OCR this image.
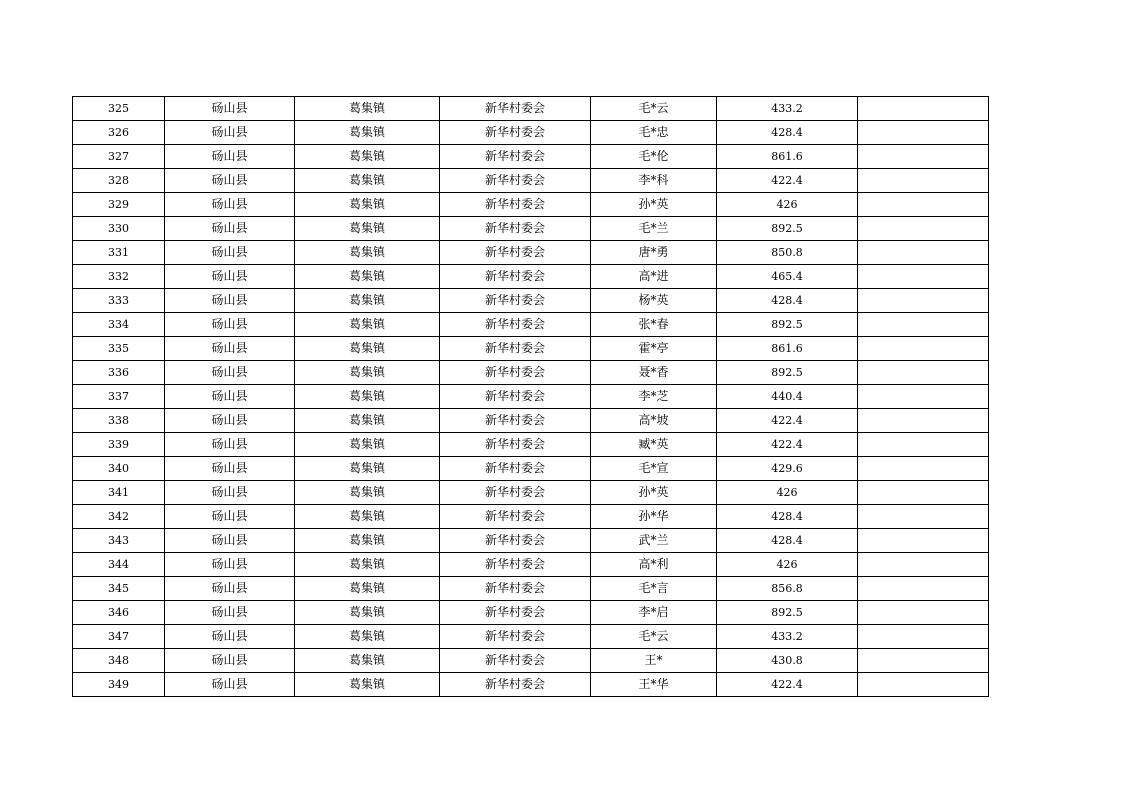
325	砀山县	葛集镇	新华村委会	毛*云	433.2	
326	砀山县	葛集镇	新华村委会	毛*忠	428.4	
327	砀山县	葛集镇	新华村委会	毛*伦	861.6	
328	砀山县	葛集镇	新华村委会	李*科	422.4	
329	砀山县	葛集镇	新华村委会	孙*英	426	
330	砀山县	葛集镇	新华村委会	毛*兰	892.5	
331	砀山县	葛集镇	新华村委会	唐*勇	850.8	
332	砀山县	葛集镇	新华村委会	高*进	465.4	
333	砀山县	葛集镇	新华村委会	杨*英	428.4	
334	砀山县	葛集镇	新华村委会	张*春	892.5	
335	砀山县	葛集镇	新华村委会	霍*亭	861.6	
336	砀山县	葛集镇	新华村委会	聂*香	892.5	
337	砀山县	葛集镇	新华村委会	李*芝	440.4	
338	砀山县	葛集镇	新华村委会	高*坡	422.4	
339	砀山县	葛集镇	新华村委会	臧*英	422.4	
340	砀山县	葛集镇	新华村委会	毛*宣	429.6	
341	砀山县	葛集镇	新华村委会	孙*英	426	
342	砀山县	葛集镇	新华村委会	孙*华	428.4	
343	砀山县	葛集镇	新华村委会	武*兰	428.4	
344	砀山县	葛集镇	新华村委会	高*利	426	
345	砀山县	葛集镇	新华村委会	毛*言	856.8	
346	砀山县	葛集镇	新华村委会	李*启	892.5	
347	砀山县	葛集镇	新华村委会	毛*云	433.2	
348	砀山县	葛集镇	新华村委会	王*	430.8	
349	砀山县	葛集镇	新华村委会	王*华	422.4	
